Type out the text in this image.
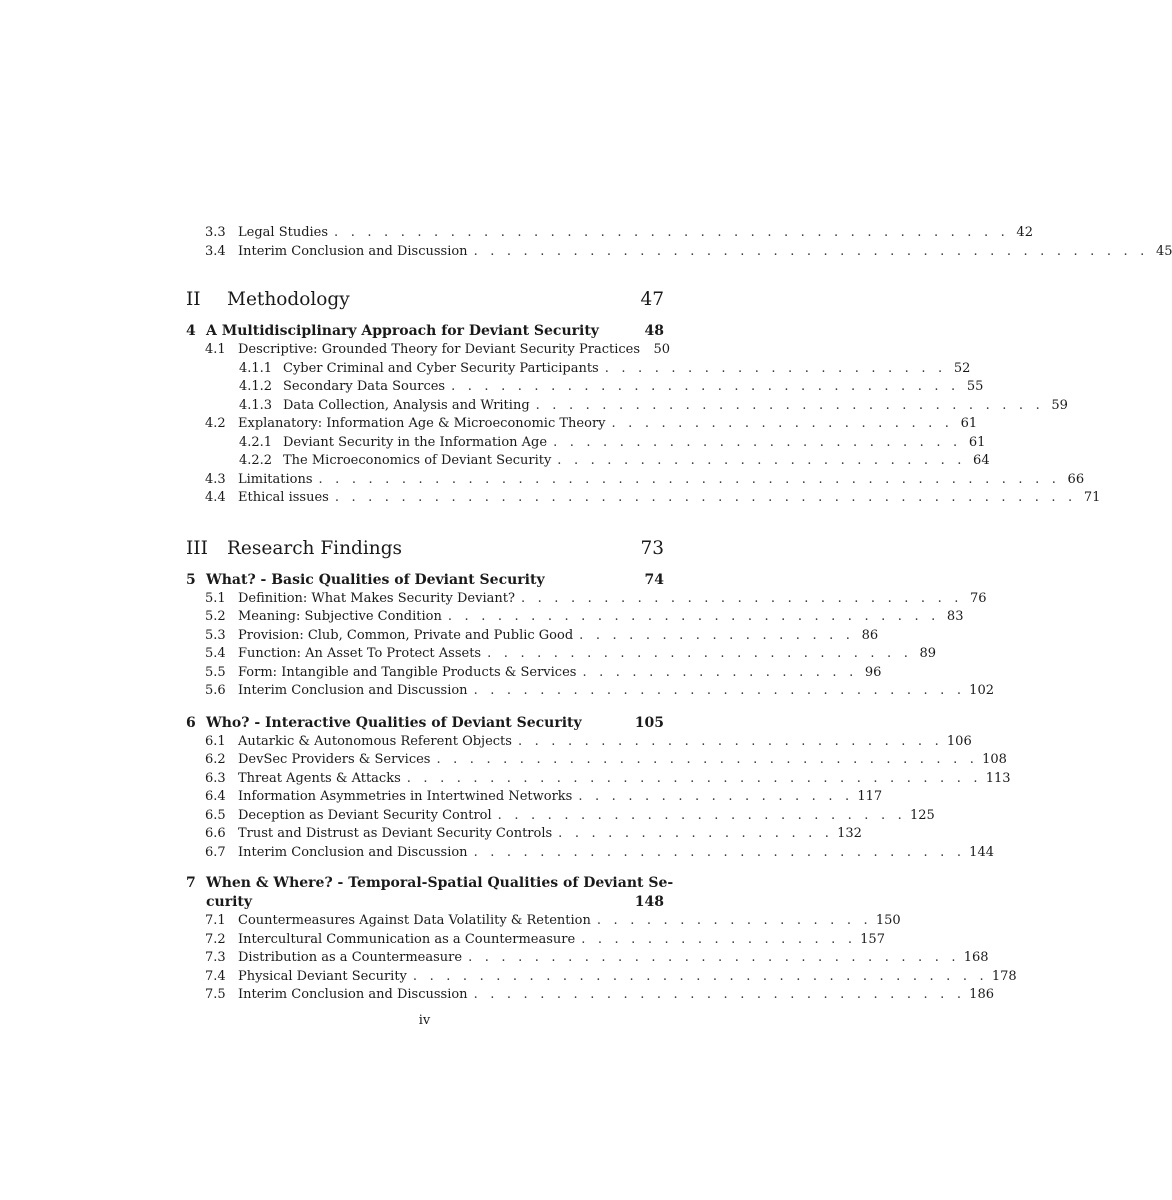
3.3 Legal Studies . . . . . . . . . . . . . . . . . . . . . . . . . . . . . . . . . . . . . . . . . 42
3.4 Interim Conclusion and Discussion . . . . . . . . . . . . . . . . . . . . . . . . . . . . . . . . . . . . . . . . . 45
II	Methodology	47
4 A Multidisciplinary Approach for Deviant Security	48
4.1 Descriptive: Grounded Theory for Deviant Security Practices 50
4.1.1 Cyber Criminal and Cyber Security Participants . . . . . . . . . . . . . . . . . . . . . 52
4.1.2 Secondary Data Sources . . . . . . . . . . . . . . . . . . . . . . . . . . . . . . . 55
4.1.3 Data Collection, Analysis and Writing . . . . . . . . . . . . . . . . . . . . . . . . . . . . . . . 59
4.2 Explanatory: Information Age & Microeconomic Theory . . . . . . . . . . . . . . . . . . . . . 61
4.2.1 Deviant Security in the Information Age . . . . . . . . . . . . . . . . . . . . . . . . . 61
4.2.2 The Microeconomics of Deviant Security . . . . . . . . . . . . . . . . . . . . . . . . . 64
4.3 Limitations . . . . . . . . . . . . . . . . . . . . . . . . . . . . . . . . . . . . . . . . . . . . . 66
4.4 Ethical issues . . . . . . . . . . . . . . . . . . . . . . . . . . . . . . . . . . . . . . . . . . . . . 71
III	Research Findings	73
5 What? - Basic Qualities of Deviant Security	74
5.1 Definition: What Makes Security Deviant? . . . . . . . . . . . . . . . . . . . . . . . . . . . 76
5.2 Meaning: Subjective Condition . . . . . . . . . . . . . . . . . . . . . . . . . . . . . . 83
5.3 Provision: Club, Common, Private and Public Good . . . . . . . . . . . . . . . . . 86
5.4 Function: An Asset To Protect Assets . . . . . . . . . . . . . . . . . . . . . . . . . . 89
5.5 Form: Intangible and Tangible Products & Services . . . . . . . . . . . . . . . . . 96
5.6 Interim Conclusion and Discussion . . . . . . . . . . . . . . . . . . . . . . . . . . . . . . 102
6 Who? - Interactive Qualities of Deviant Security	105
6.1 Autarkic & Autonomous Referent Objects . . . . . . . . . . . . . . . . . . . . . . . . . . 106
6.2 DevSec Providers & Services . . . . . . . . . . . . . . . . . . . . . . . . . . . . . . . . . 108
6.3 Threat Agents & Attacks . . . . . . . . . . . . . . . . . . . . . . . . . . . . . . . . . . . 113
6.4 Information Asymmetries in Intertwined Networks . . . . . . . . . . . . . . . . . 117
6.5 Deception as Deviant Security Control . . . . . . . . . . . . . . . . . . . . . . . . . 125
6.6 Trust and Distrust as Deviant Security Controls . . . . . . . . . . . . . . . . . 132
6.7 Interim Conclusion and Discussion . . . . . . . . . . . . . . . . . . . . . . . . . . . . . . 144
7 When & Where? - Temporal-Spatial Qualities of Deviant Se-
curity	148
7.1 Countermeasures Against Data Volatility & Retention . . . . . . . . . . . . . . . . . 150
7.2 Intercultural Communication as a Countermeasure . . . . . . . . . . . . . . . . . 157
7.3 Distribution as a Countermeasure . . . . . . . . . . . . . . . . . . . . . . . . . . . . . . 168
7.4 Physical Deviant Security . . . . . . . . . . . . . . . . . . . . . . . . . . . . . . . . . . . 178
7.5 Interim Conclusion and Discussion . . . . . . . . . . . . . . . . . . . . . . . . . . . . . . 186
iv
